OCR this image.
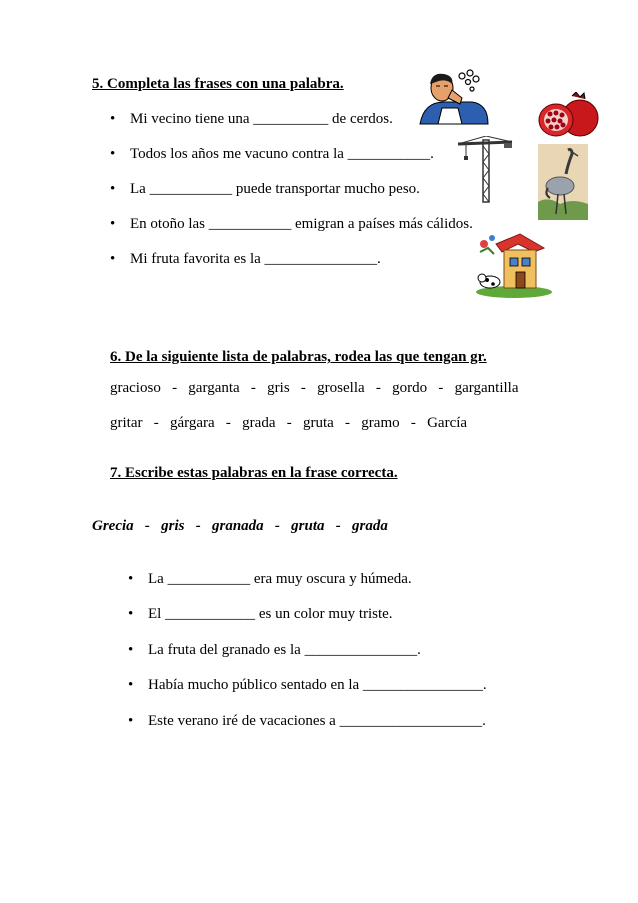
5. Completa las frases con una palabra.
• Mi vecino tiene una __________ de cerdos.
• Todos los años me vacuno contra la ___________.
• La ___________ puede transportar mucho peso.
• En otoño las ___________ emigran a países más cálidos.
• Mi fruta favorita es la _______________.
6. De la siguiente lista de palabras, rodea las que tengan gr.
gracioso   -   garganta   -   gris   -   grosella   -   gordo   -   gargantilla
gritar   -   gárgara   -   grada   -   gruta   -   gramo   -   García
7. Escribe estas palabras en la frase correcta.
Grecia   -   gris   -   granada   -   gruta   -   grada
• La ___________ era muy oscura y húmeda.
• El ____________ es un color muy triste.
• La fruta del granado es la _______________.
• Había mucho público sentado en la ________________.
• Este verano iré de vacaciones a ___________________.
